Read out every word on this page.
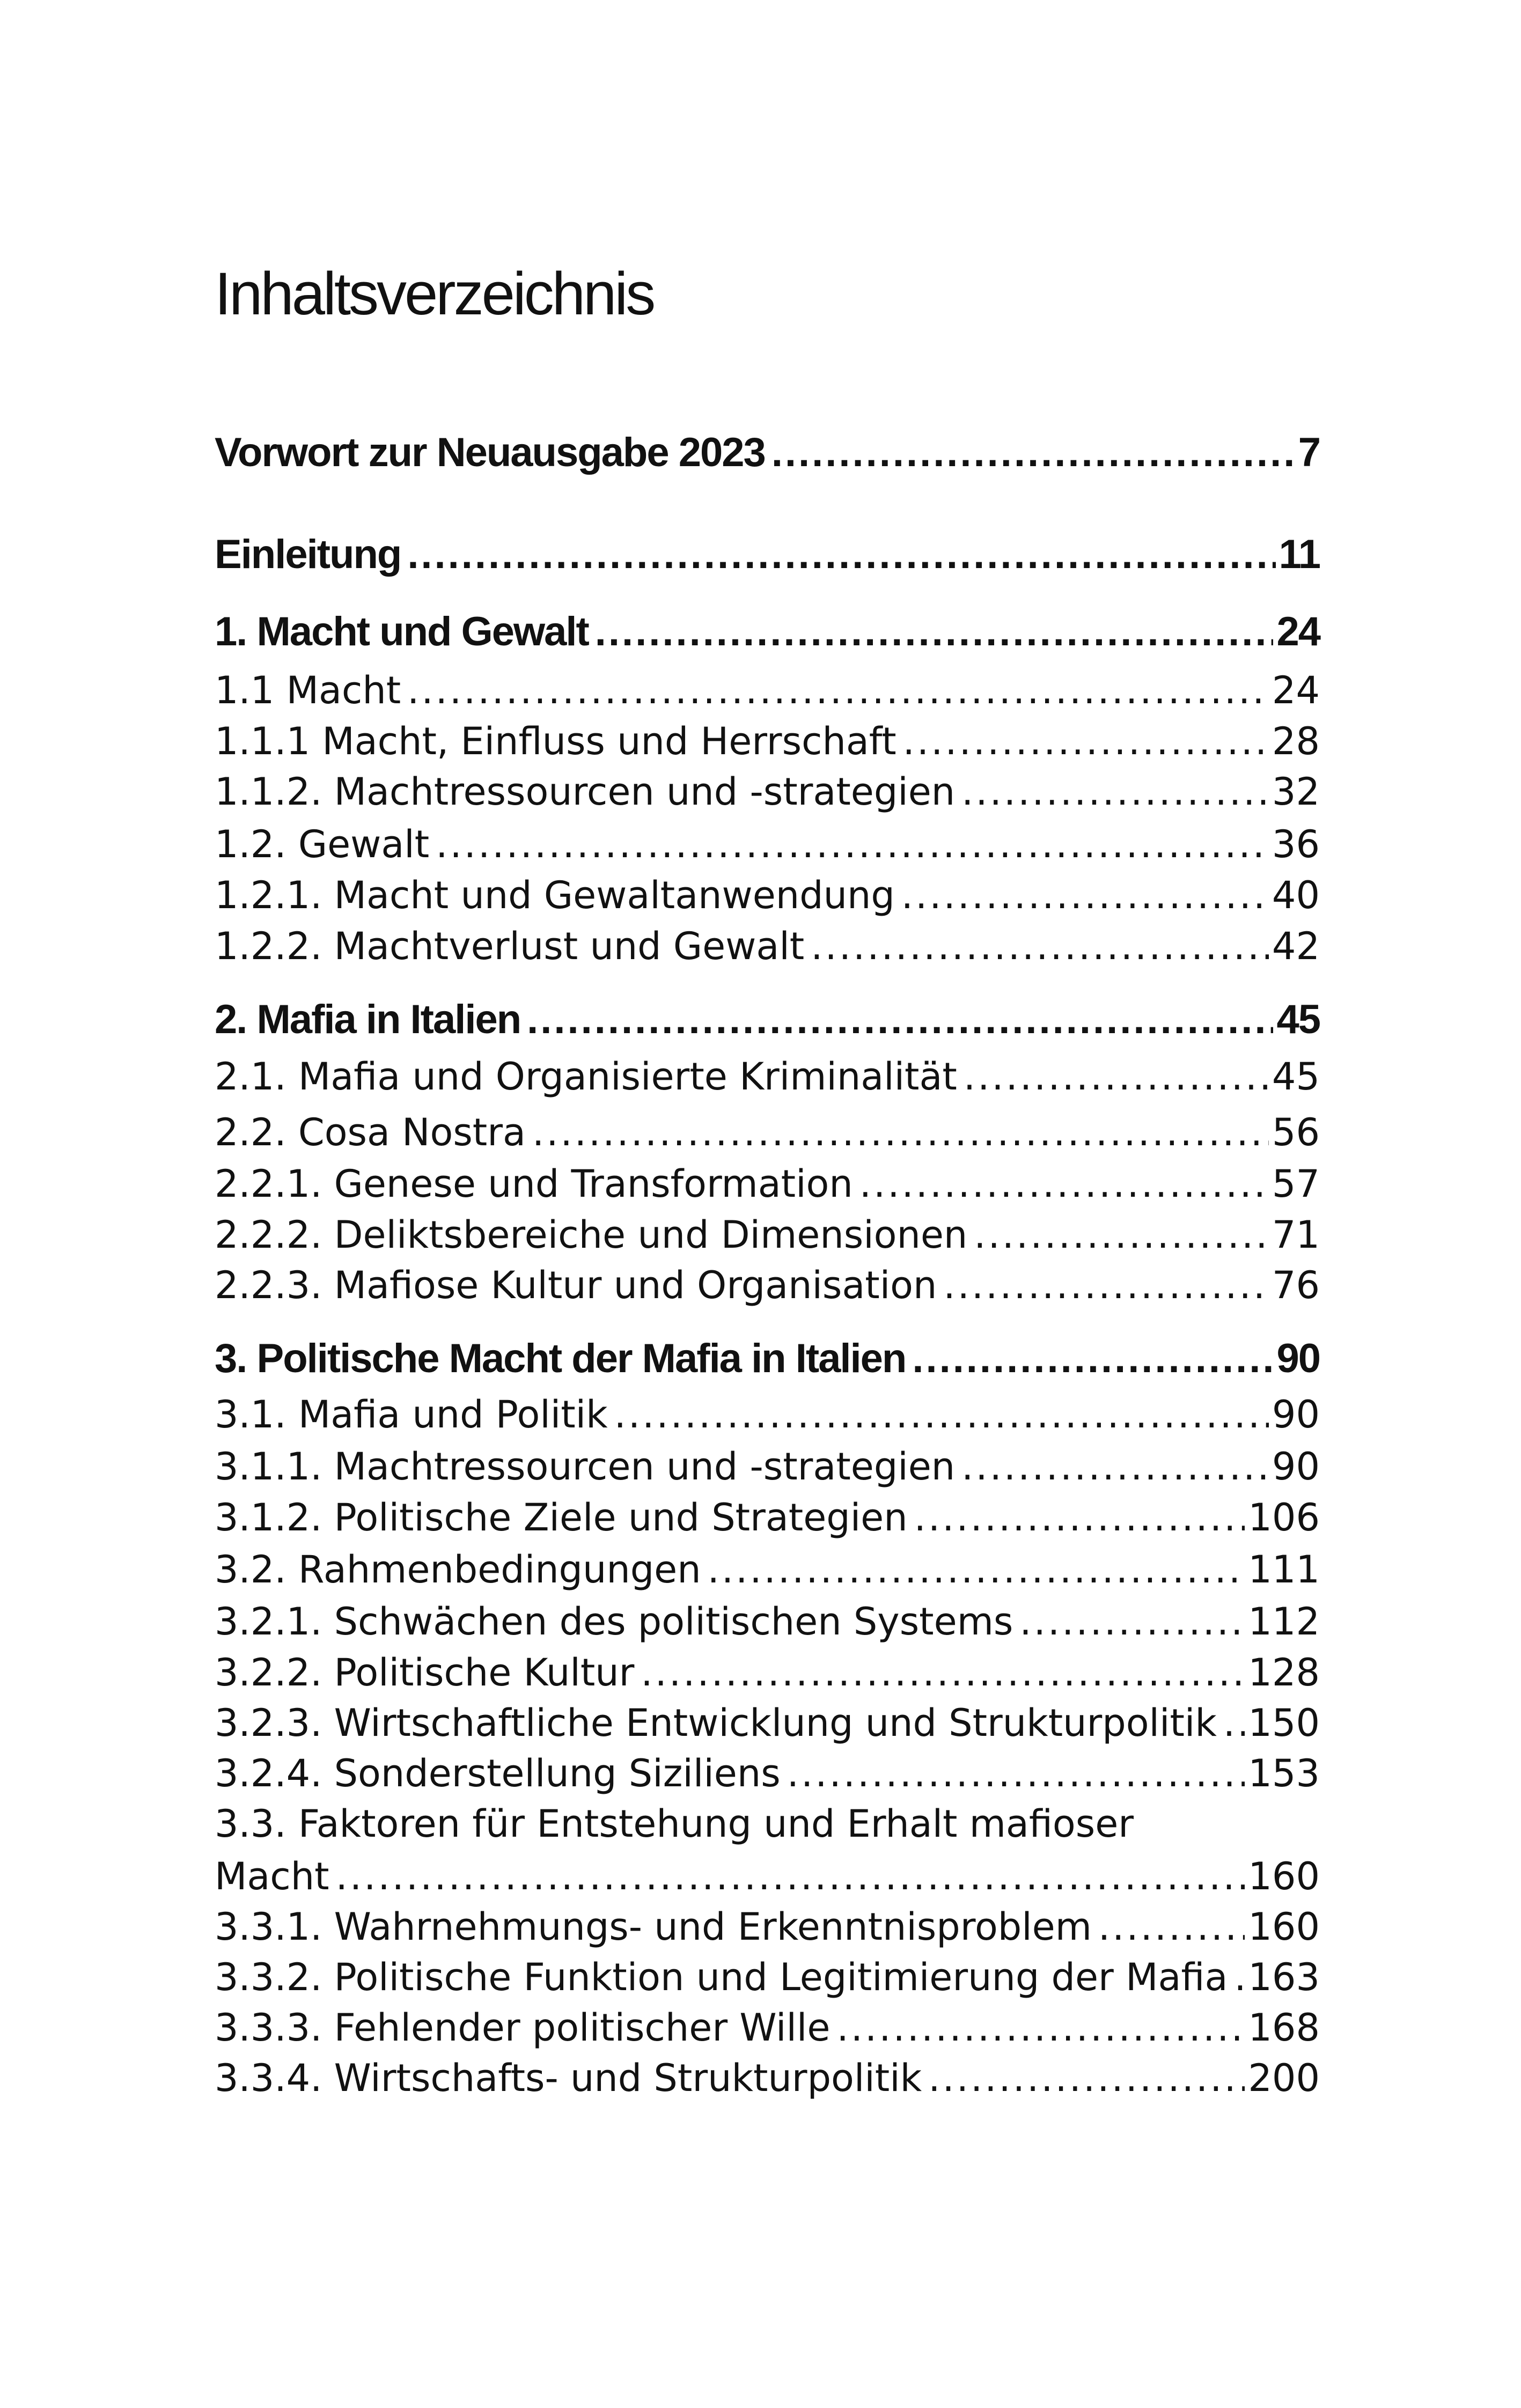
Inhaltsverzeichnis
Vorwort zur Neuausgabe 2023 .....	7
Einleitung .....	11
1. Macht und Gewalt .....	24
1.1 Macht .....	24
1.1.1 Macht, Einfluss und Herrschaft .....	28
1.1.2. Machtressourcen und -strategien .....	32
1.2. Gewalt .....	36
1.2.1. Macht und Gewaltanwendung .....	40
1.2.2. Machtverlust und Gewalt .....	42
2. Mafia in Italien .....	45
2.1. Mafia und Organisierte Kriminalität .....	45
2.2. Cosa Nostra .....	56
2.2.1. Genese und Transformation .....	57
2.2.2. Deliktsbereiche und Dimensionen .....	71
2.2.3. Mafiose Kultur und Organisation .....	76
3. Politische Macht der Mafia in Italien .....	90
3.1. Mafia und Politik .....	90
3.1.1. Machtressourcen und -strategien .....	90
3.1.2. Politische Ziele und Strategien .....	106
3.2. Rahmenbedingungen .....	111
3.2.1. Schwächen des politischen Systems .....	112
3.2.2. Politische Kultur .....	128
3.2.3. Wirtschaftliche Entwicklung und Strukturpolitik ..... 150
3.2.4. Sonderstellung Siziliens .....	153
3.3. Faktoren für Entstehung und Erhalt mafioser
Macht .....	160
3.3.1. Wahrnehmungs- und Erkenntnisproblem .....	160
3.3.2. Politische Funktion und Legitimierung der Mafia ..... 163
3.3.3. Fehlender politischer Wille .....	168
3.3.4. Wirtschafts- und Strukturpolitik .....	200
